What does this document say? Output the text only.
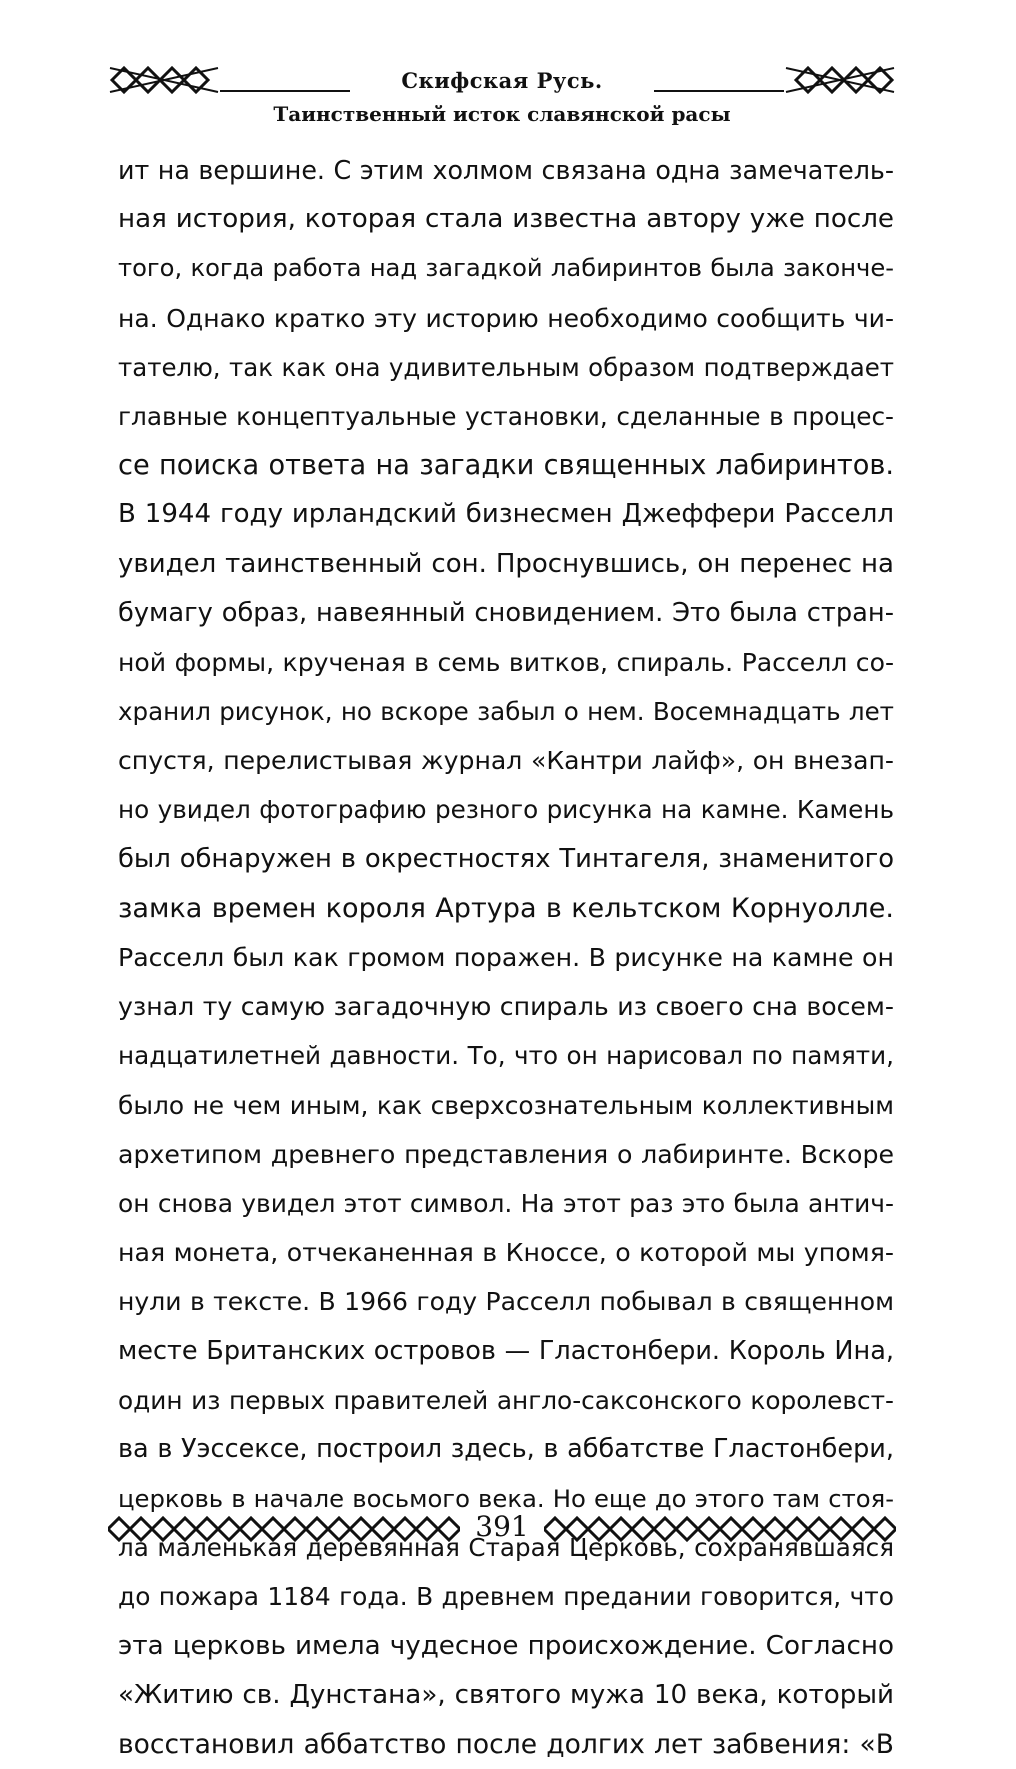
Скифская Русь.
Таинственный исток славянской расы
ит на вершине. С этим холмом связана одна замечатель-
ная история, которая стала известна автору уже после
того, когда работа над загадкой лабиринтов была законче-
на. Однако кратко эту историю необходимо сообщить чи-
тателю, так как она удивительным образом подтверждает
главные концептуальные установки, сделанные в процес-
се поиска ответа на загадки священных лабиринтов.
В 1944 году ирландский бизнесмен Джеффери Расселл
увидел таинственный сон. Проснувшись, он перенес на
бумагу образ, навеянный сновидением. Это была стран-
ной формы, крученая в семь витков, спираль. Расселл со-
хранил рисунок, но вскоре забыл о нем. Восемнадцать лет
спустя, перелистывая журнал «Кантри лайф», он внезап-
но увидел фотографию резного рисунка на камне. Камень
был обнаружен в окрестностях Тинтагеля, знаменитого
замка времен короля Артура в кельтском Корнуолле.
Расселл был как громом поражен. В рисунке на камне он
узнал ту самую загадочную спираль из своего сна восем-
надцатилетней давности. То, что он нарисовал по памяти,
было не чем иным, как сверхсознательным коллективным
архетипом древнего представления о лабиринте. Вскоре
он снова увидел этот символ. На этот раз это была антич-
ная монета, отчеканенная в Кноссе, о которой мы упомя-
нули в тексте. В 1966 году Расселл побывал в священном
месте Британских островов — Гластонбери. Король Ина,
один из первых правителей англо-саксонского королевст-
ва в Уэссексе, построил здесь, в аббатстве Гластонбери,
церковь в начале восьмого века. Но еще до этого там стоя-
ла маленькая деревянная Старая Церковь, сохранявшаяся
до пожара 1184 года. В древнем предании говорится, что
эта церковь имела чудесное происхождение. Согласно
«Житию св. Дунстана», святого мужа 10 века, который
восстановил аббатство после долгих лет забвения: «В
391
